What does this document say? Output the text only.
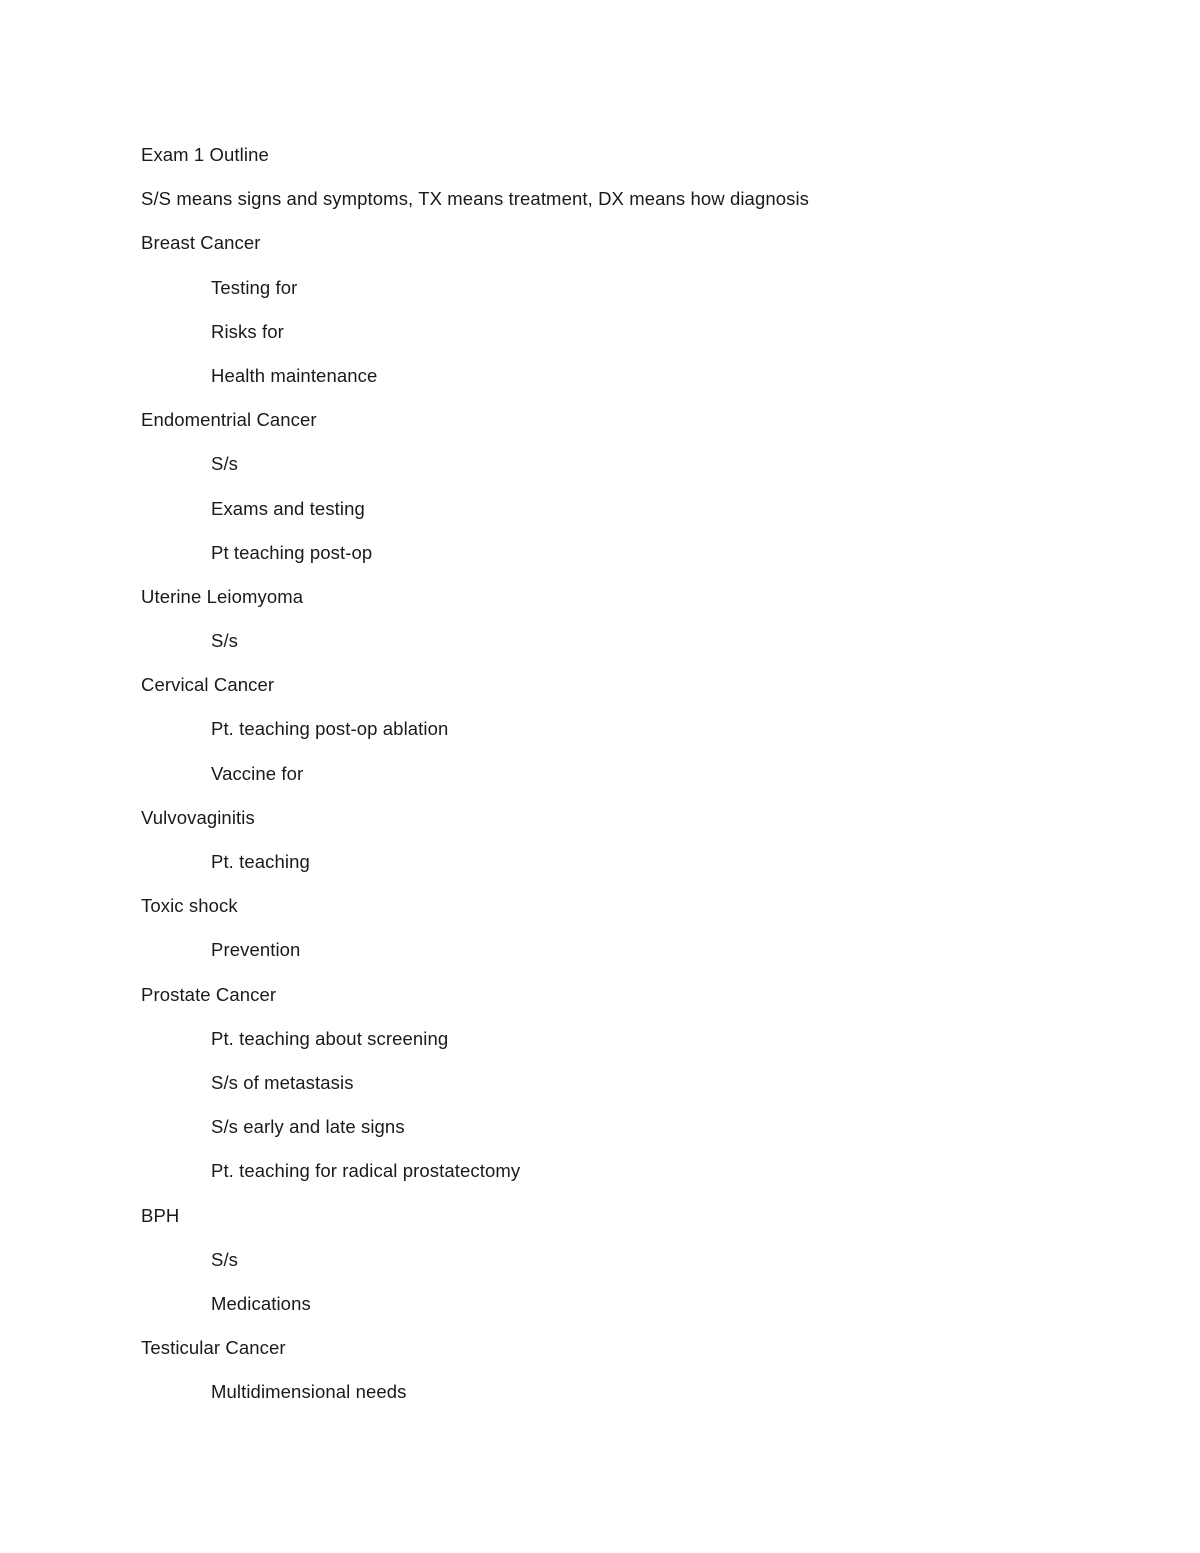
Exam 1 Outline
S/S means signs and symptoms, TX means treatment, DX means how diagnosis
Breast Cancer
Testing for
Risks for
Health maintenance
Endomentrial Cancer
S/s
Exams and testing
Pt teaching post-op
Uterine Leiomyoma
S/s
Cervical Cancer
Pt. teaching post-op ablation
Vaccine for
Vulvovaginitis
Pt. teaching
Toxic shock
Prevention
Prostate Cancer
Pt. teaching about screening
S/s of metastasis
S/s early and late signs
Pt. teaching for radical prostatectomy
BPH
S/s
Medications
Testicular Cancer
Multidimensional needs
